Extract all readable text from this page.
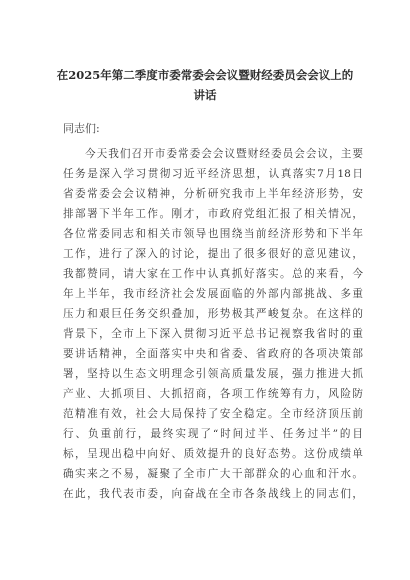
在2025年第二季度市委常委会会议暨财经委员会会议上的
讲话
同志们:
今天我们召开市委常委会会议暨财经委员会会议，主要
任务是深入学习贯彻习近平经济思想，认真落实7月18日
省委常委会会议精神，分析研究我市上半年经济形势，安
排部署下半年工作。刚才，市政府党组汇报了相关情况，
各位常委同志和相关市领导也围绕当前经济形势和下半年
工作，进行了深入的讨论，提出了很多很好的意见建议，
我都赞同，请大家在工作中认真抓好落实。总的来看，今
年上半年，我市经济社会发展面临的外部内部挑战、多重
压力和艰巨任务交织叠加，形势极其严峻复杂。在这样的
背景下，全市上下深入贯彻习近平总书记视察我省时的重
要讲话精神，全面落实中央和省委、省政府的各项决策部
署，坚持以生态文明理念引领高质量发展，强力推进大抓
产业、大抓项目、大抓招商，各项工作统筹有力，风险防
范精准有效，社会大局保持了安全稳定。全市经济顶压前
行、负重前行，最终实现了“时间过半、任务过半”的目
标，呈现出稳中向好、质效提升的良好态势。这份成绩单
确实来之不易，凝聚了全市广大干部群众的心血和汗水。
在此，我代表市委，向奋战在全市各条战线上的同志们，
